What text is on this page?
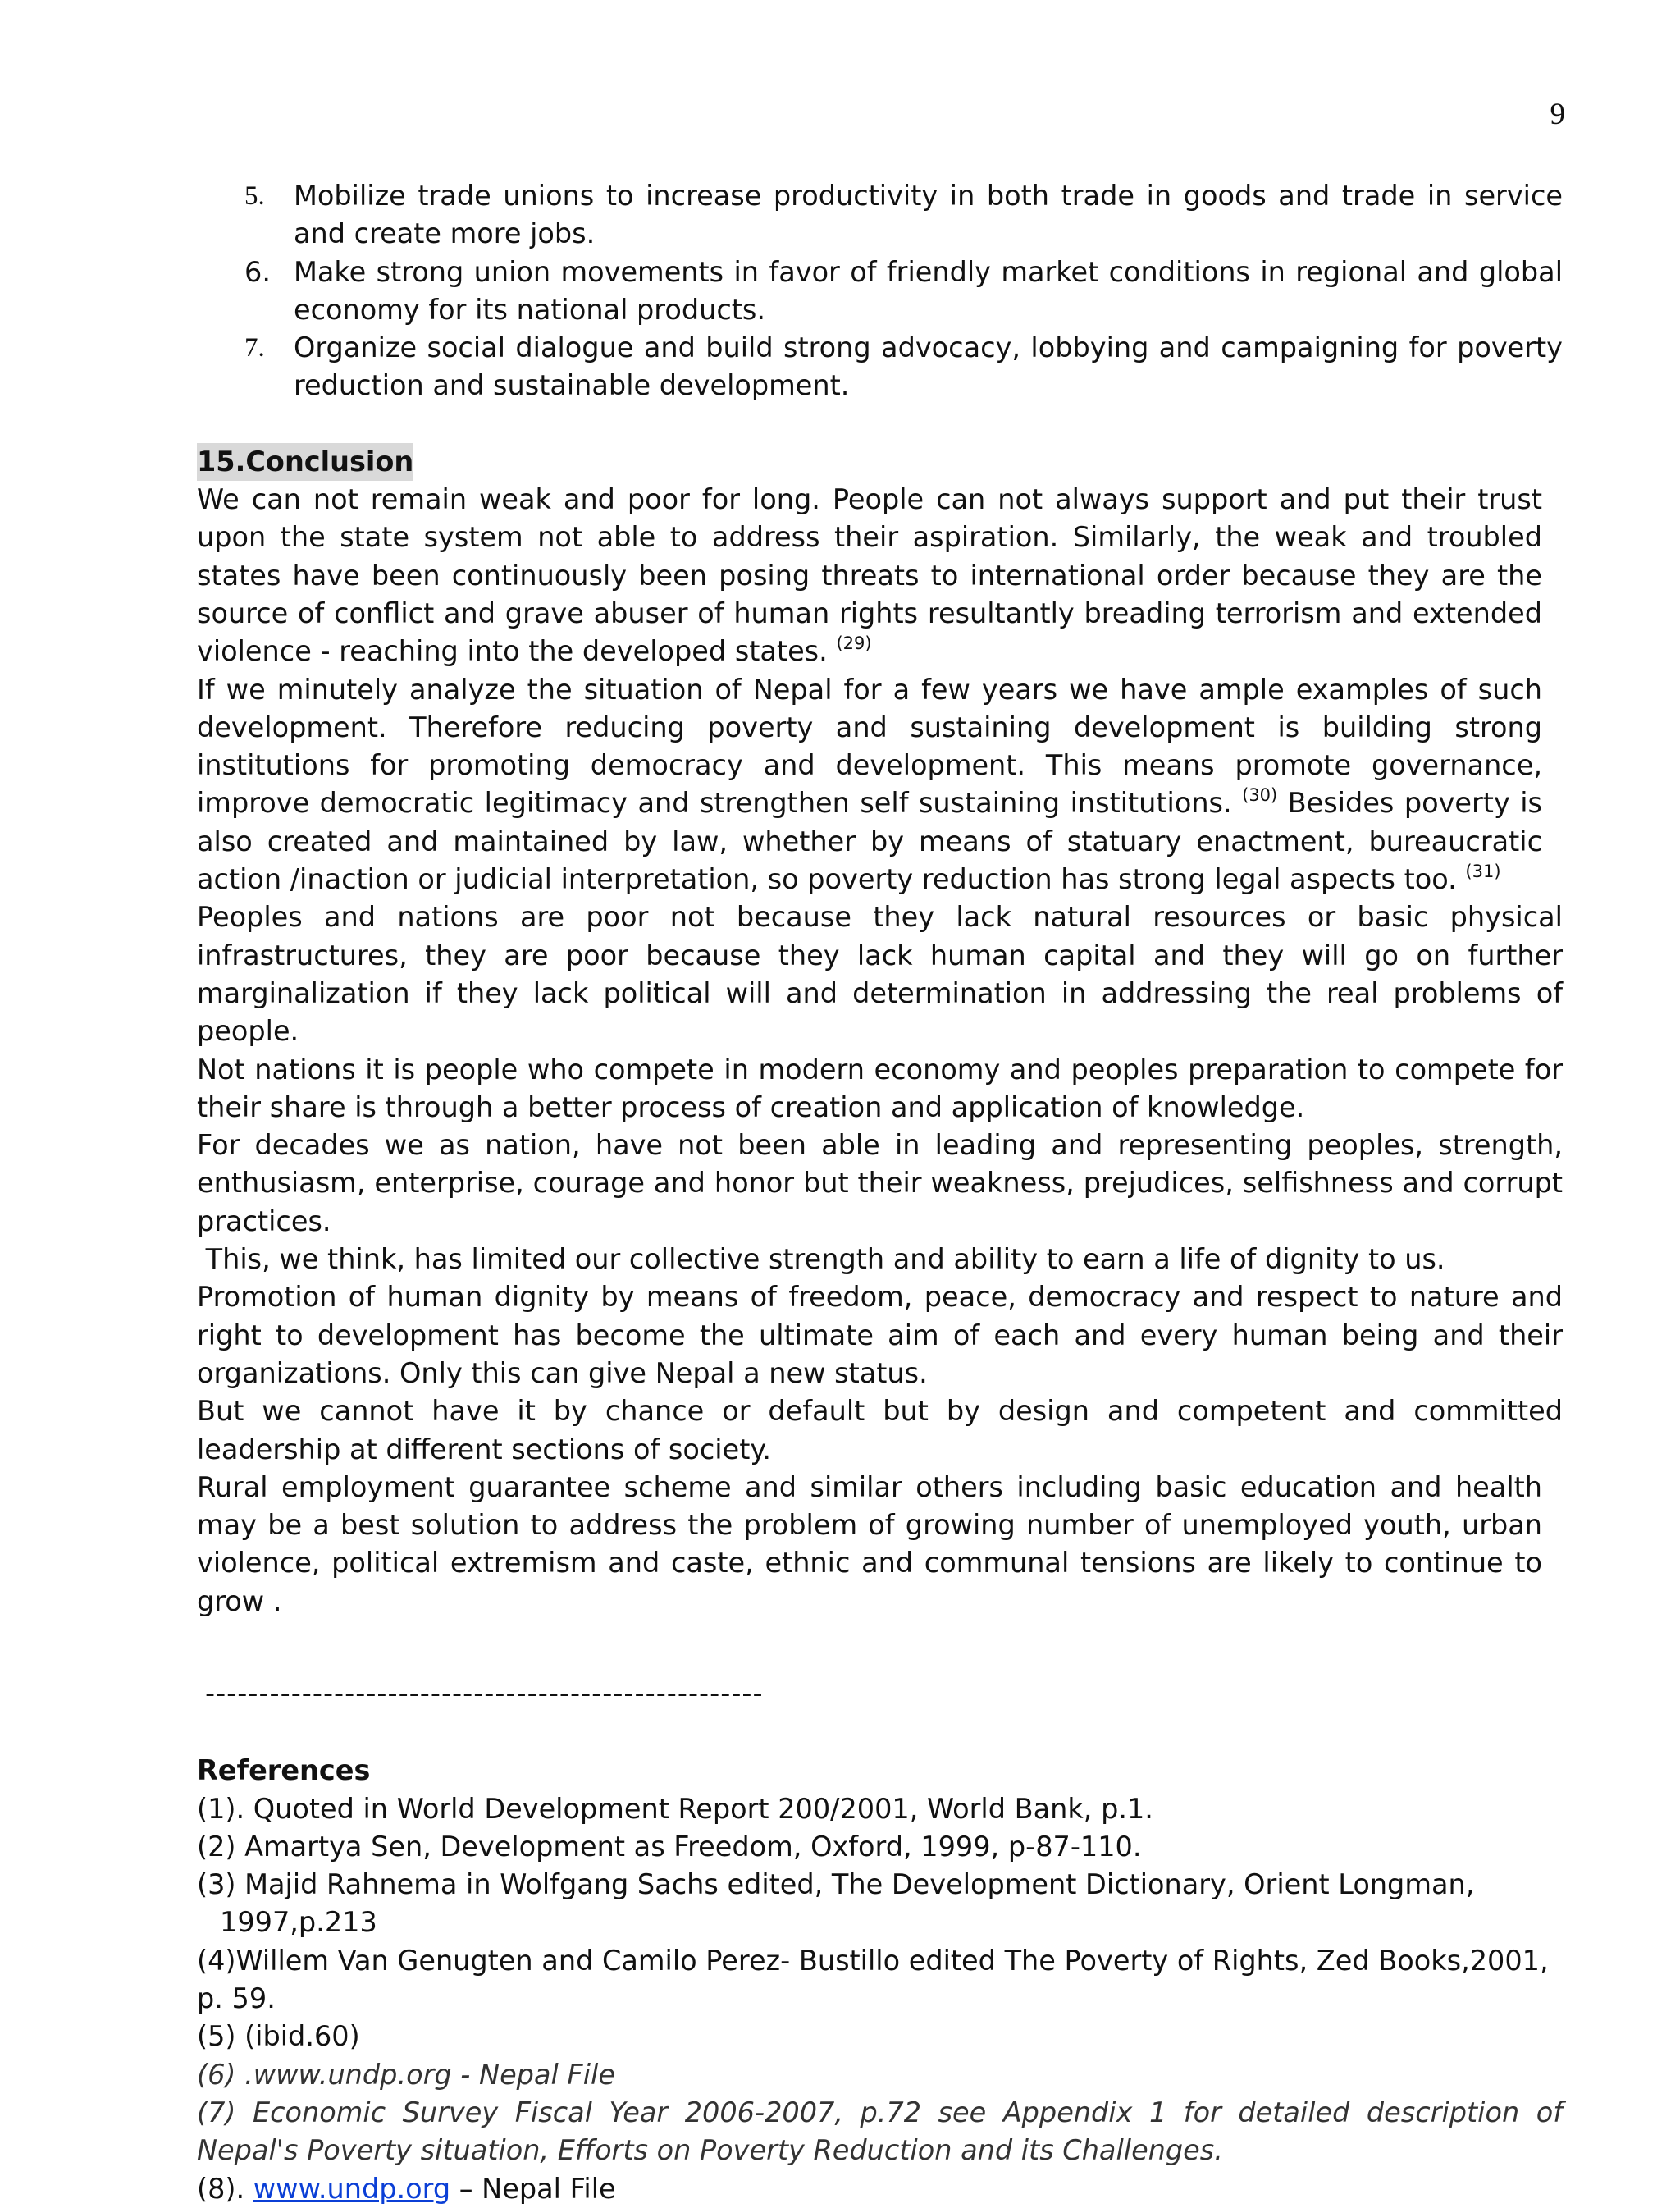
9
5. Mobilize trade unions to increase productivity in both trade in goods and trade in service and create more jobs.
6. Make strong union movements in favor of friendly market conditions in regional and global economy for its national products.
7. Organize social dialogue and build strong advocacy, lobbying and campaigning for poverty reduction and sustainable development.
15.Conclusion

We can not remain weak and poor for long. People can not always support and put their trust upon the state system not able to address their aspiration. Similarly, the weak and troubled states have been continuously been posing threats to international order because they are the source of conflict and grave abuser of human rights resultantly breading terrorism and extended violence - reaching into the developed states. $^{(29)}$

If we minutely analyze the situation of Nepal for a few years we have ample examples of such development. Therefore reducing poverty and sustaining development is building strong institutions for promoting democracy and development. This means promote governance, improve democratic legitimacy and strengthen self sustaining institutions. $^{(30)}$ Besides poverty is also created and maintained by law, whether by means of statuary enactment, bureaucratic action /inaction or judicial interpretation, so poverty reduction has strong legal aspects too. $^{(31)}$

Peoples and nations are poor not because they lack natural resources or basic physical infrastructures, they are poor because they lack human capital and they will go on further marginalization if they lack political will and determination in addressing the real problems of people.

Not nations it is people who compete in modern economy and peoples preparation to compete for their share is through a better process of creation and application of knowledge.

For decades we as nation, have not been able in leading and representing peoples, strength, enthusiasm, enterprise, courage and honor but their weakness, prejudices, selfishness and corrupt practices.

This, we think, has limited our collective strength and ability to earn a life of dignity to us.

Promotion of human dignity by means of freedom, peace, democracy and respect to nature and right to development has become the ultimate aim of each and every human being and their organizations. Only this can give Nepal a new status.

But we cannot have it by chance or default but by design and competent and committed leadership at different sections of society.

Rural employment guarantee scheme and similar others including basic education and health may be a best solution to address the problem of growing number of unemployed youth, urban violence, political extremism and caste, ethnic and communal tensions are likely to continue to grow .

----------------------------------------------------
References

(1). Quoted in World Development Report 200/2001, World Bank, p.1.

(2) Amartya Sen, Development as Freedom, Oxford, 1999, p-87-110.

(3) Majid Rahnema in Wolfgang Sachs edited, The Development Dictionary, Orient Longman,

1997,p.213

(4)Willem Van Genugten and Camilo Perez- Bustillo edited The Poverty of Rights, Zed Books,2001, p. 59.

(5) (ibid.60)

(6) .www.undp.org - Nepal File

(7) Economic Survey Fiscal Year 2006-2007, p.72 see Appendix 1 for detailed description of Nepal's Poverty situation, Efforts on Poverty Reduction and its Challenges.

(8). www.undp.org – Nepal File
